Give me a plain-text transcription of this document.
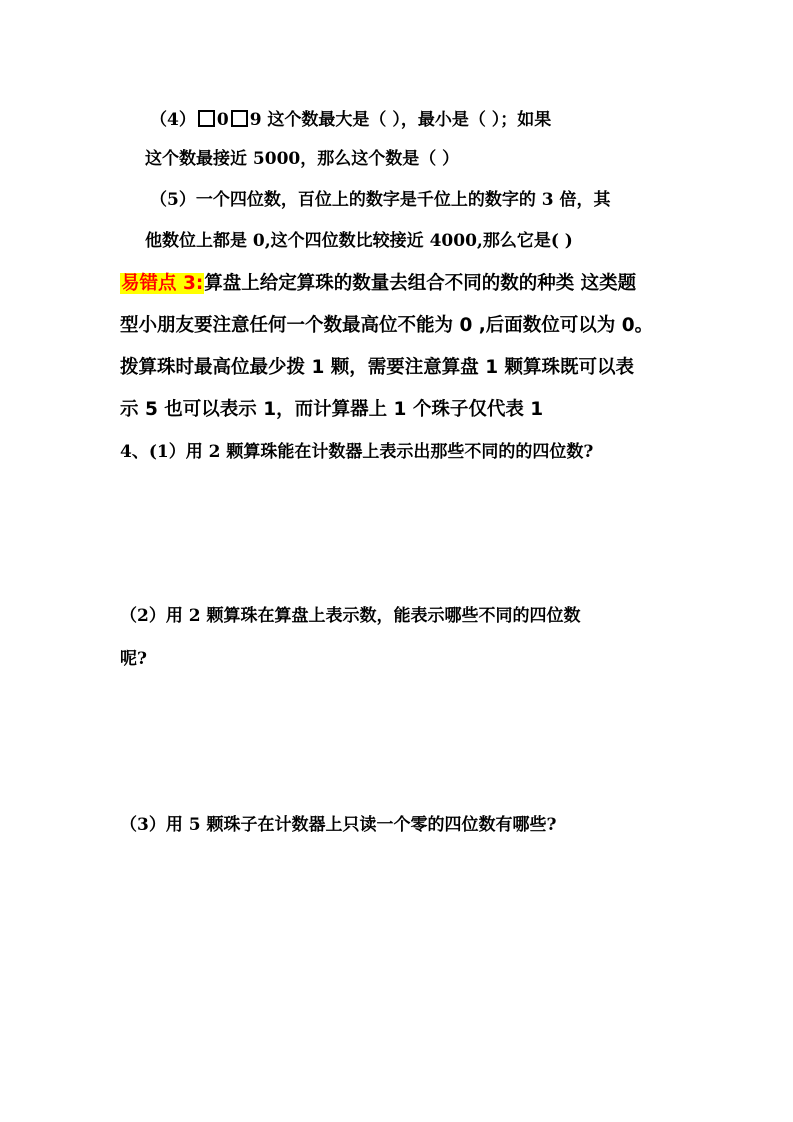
（4） 0 9 这个数最大是（ ），最小是（ ）；如果
这个数最接近 5000，那么这个数是（ ）
（5）一个四位数，百位上的数字是千位上的数字的 3 倍，其
他数位上都是 0,这个四位数比较接近 4000,那么它是( )
易错点 3:算盘上给定算珠的数量去组合不同的数的种类 这类题
型小朋友要注意任何一个数最高位不能为 0 ,后面数位可以为 0。
拨算珠时最高位最少拨 1 颗，需要注意算盘 1 颗算珠既可以表
示 5 也可以表示 1，而计算器上 1 个珠子仅代表 1
4、(1）用 2 颗算珠能在计数器上表示出那些不同的的四位数?
（2）用 2 颗算珠在算盘上表示数，能表示哪些不同的四位数
呢?
（3）用 5 颗珠子在计数器上只读一个零的四位数有哪些?
